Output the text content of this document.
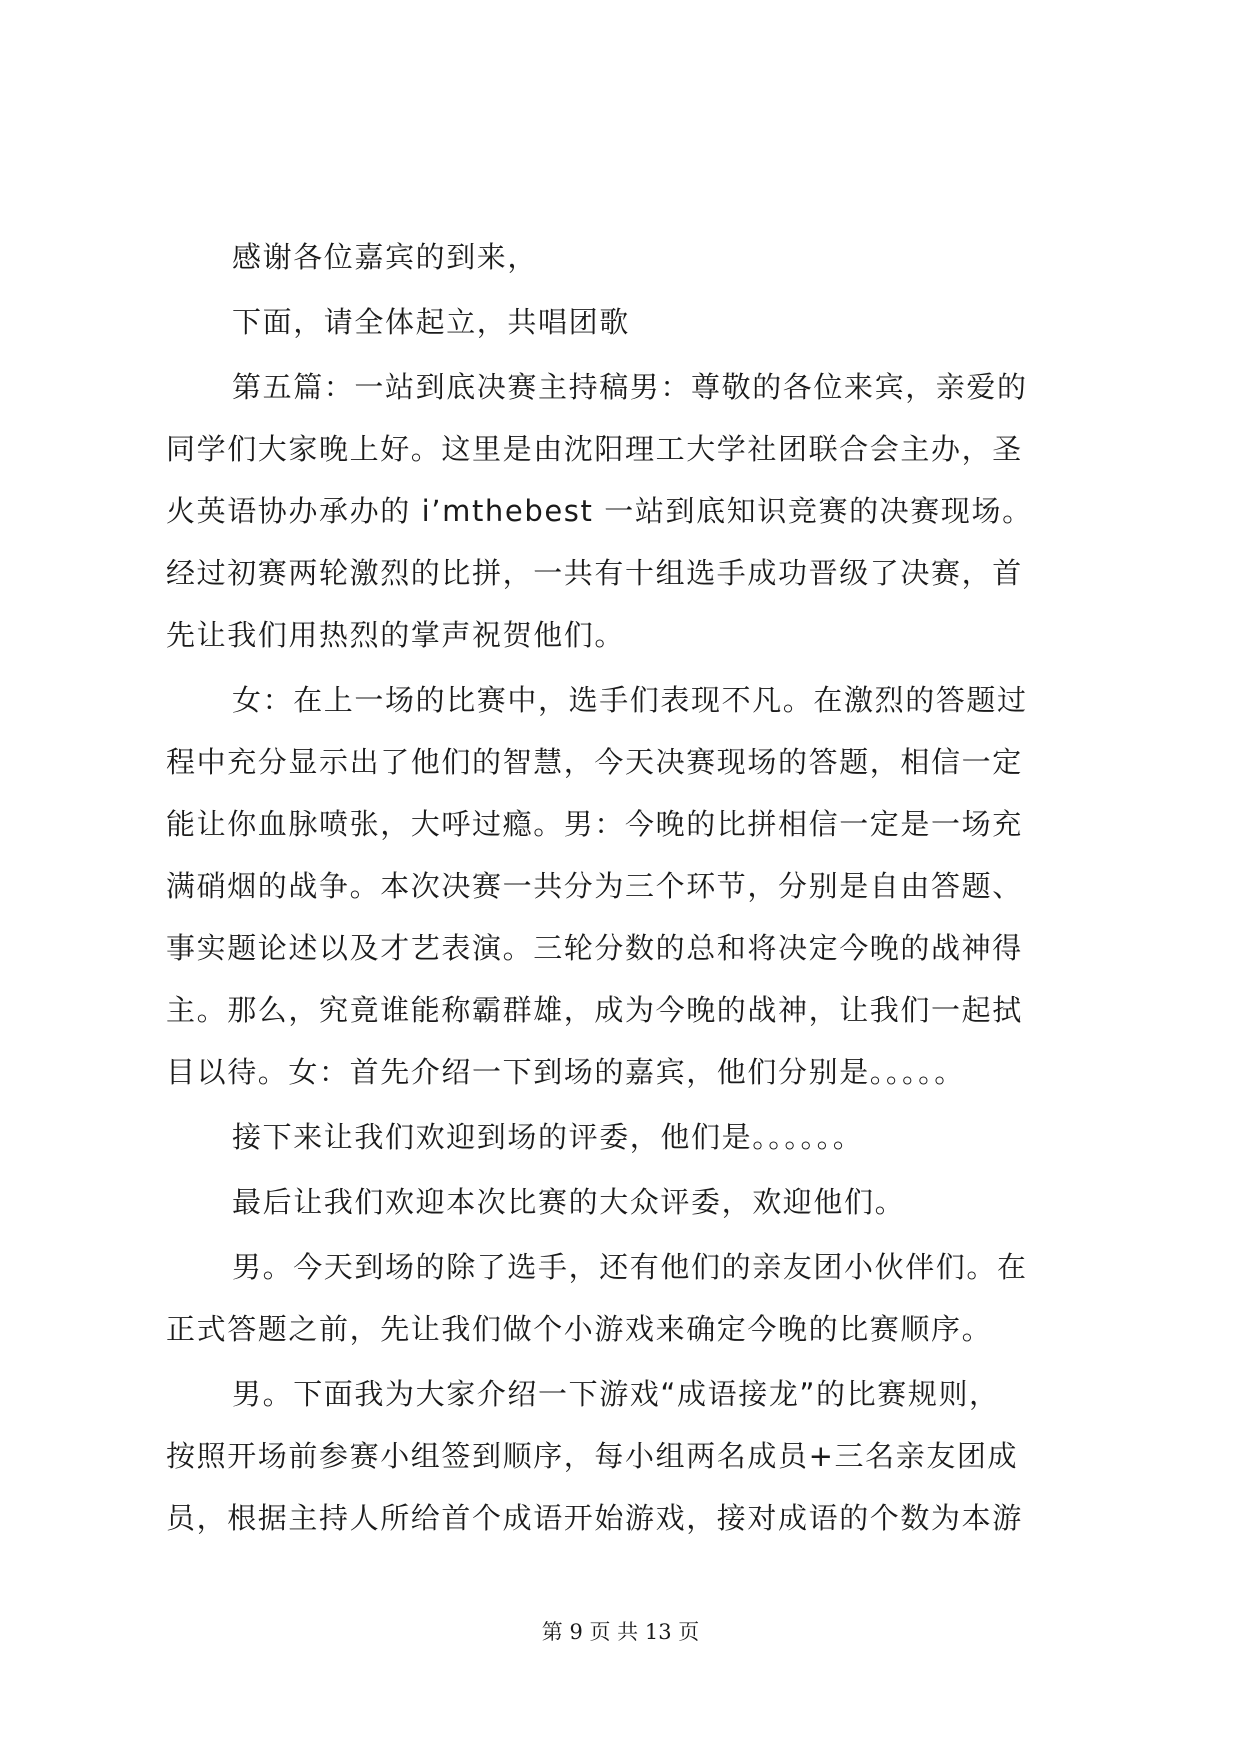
感谢各位嘉宾的到来，
下面，请全体起立，共唱团歌
第五篇：一站到底决赛主持稿男：尊敬的各位来宾，亲爱的
同学们大家晚上好。这里是由沈阳理工大学社团联合会主办，圣
火英语协办承办的 i’mthebest 一站到底知识竞赛的决赛现场。
经过初赛两轮激烈的比拼，一共有十组选手成功晋级了决赛，首
先让我们用热烈的掌声祝贺他们。
女：在上一场的比赛中，选手们表现不凡。在激烈的答题过
程中充分显示出了他们的智慧，今天决赛现场的答题，相信一定
能让你血脉喷张，大呼过瘾。男：今晚的比拼相信一定是一场充
满硝烟的战争。本次决赛一共分为三个环节，分别是自由答题、
事实题论述以及才艺表演。三轮分数的总和将决定今晚的战神得
主。那么，究竟谁能称霸群雄，成为今晚的战神，让我们一起拭
目以待。女：首先介绍一下到场的嘉宾，他们分别是。。。。。
接下来让我们欢迎到场的评委，他们是。。。。。。
最后让我们欢迎本次比赛的大众评委，欢迎他们。
男。今天到场的除了选手，还有他们的亲友团小伙伴们。在
正式答题之前，先让我们做个小游戏来确定今晚的比赛顺序。
男。下面我为大家介绍一下游戏“成语接龙”的比赛规则，
按照开场前参赛小组签到顺序，每小组两名成员+三名亲友团成
员，根据主持人所给首个成语开始游戏，接对成语的个数为本游
第 9 页 共 13 页
